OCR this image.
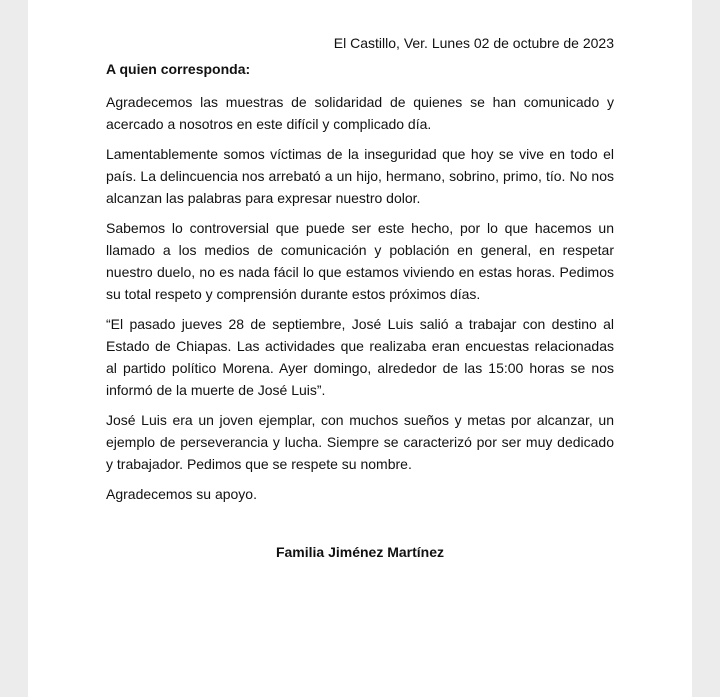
El Castillo, Ver. Lunes 02 de octubre de 2023
A quien corresponda:

Agradecemos las muestras de solidaridad de quienes se han comunicado y acercado a nosotros en este difícil y complicado día.

Lamentablemente somos víctimas de la inseguridad que hoy se vive en todo el país. La delincuencia nos arrebató a un hijo, hermano, sobrino, primo, tío. No nos alcanzan las palabras para expresar nuestro dolor.

Sabemos lo controversial que puede ser este hecho, por lo que hacemos un llamado a los medios de comunicación y población en general, en respetar nuestro duelo, no es nada fácil lo que estamos viviendo en estas horas. Pedimos su total respeto y comprensión durante estos próximos días.

“El pasado jueves 28 de septiembre, José Luis salió a trabajar con destino al Estado de Chiapas. Las actividades que realizaba eran encuestas relacionadas al partido político Morena. Ayer domingo, alrededor de las 15:00 horas se nos informó de la muerte de José Luis”.

José Luis era un joven ejemplar, con muchos sueños y metas por alcanzar, un ejemplo de perseverancia y lucha. Siempre se caracterizó por ser muy dedicado y trabajador. Pedimos que se respete su nombre.

Agradecemos su apoyo.

Familia Jiménez Martínez
